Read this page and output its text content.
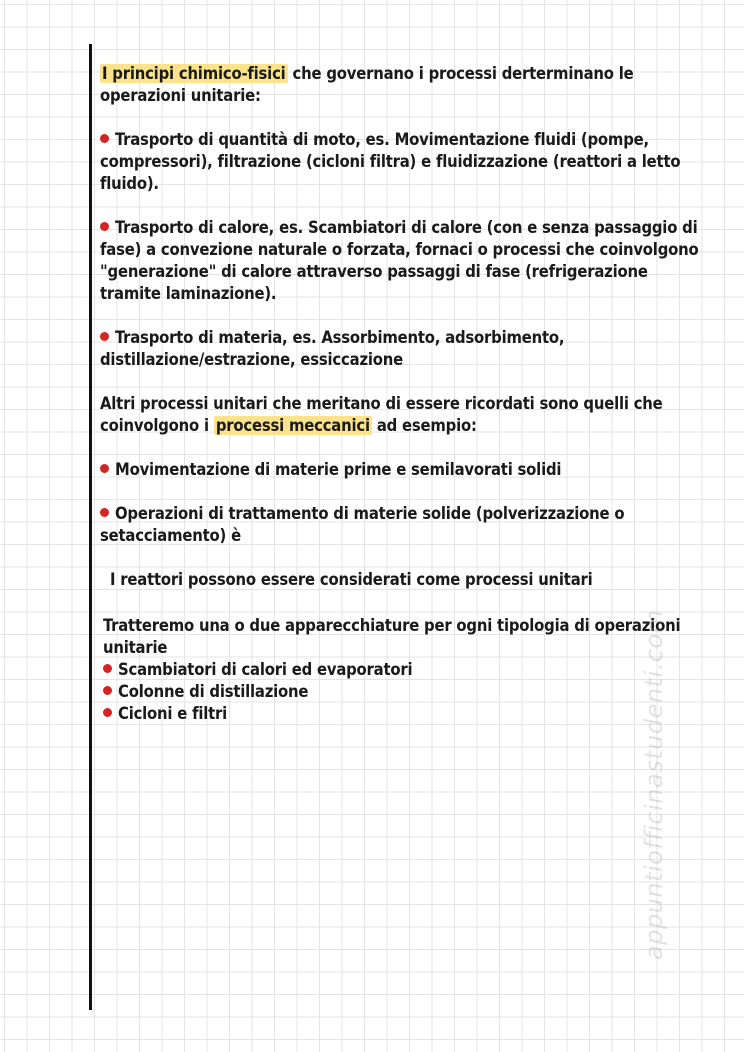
I principi chimico-fisici che governano i processi derterminano le operazioni unitarie:

Trasporto di quantità di moto, es. Movimentazione fluidi (pompe, compressori), filtrazione (cicloni filtra) e fluidizzazione (reattori a letto fluido).

Trasporto di calore, es. Scambiatori di calore (con e senza passaggio di fase) a convezione naturale o forzata, fornaci o processi che coinvolgono "generazione" di calore attraverso passaggi di fase (refrigerazione tramite laminazione).

Trasporto di materia, es. Assorbimento, adsorbimento, distillazione/estrazione, essiccazione

Altri processi unitari che meritano di essere ricordati sono quelli che coinvolgono i processi meccanici ad esempio:

Movimentazione di materie prime e semilavorati solidi

Operazioni di trattamento di materie solide (polverizzazione o setacciamento) è

I reattori possono essere considerati come processi unitari

Tratteremo una o due apparecchiature per ogni tipologia di operazioni unitarie

Scambiatori di calori ed evaporatori
Colonne di distillazione
Cicloni e filtri	appuntiofficinastudenti.com
